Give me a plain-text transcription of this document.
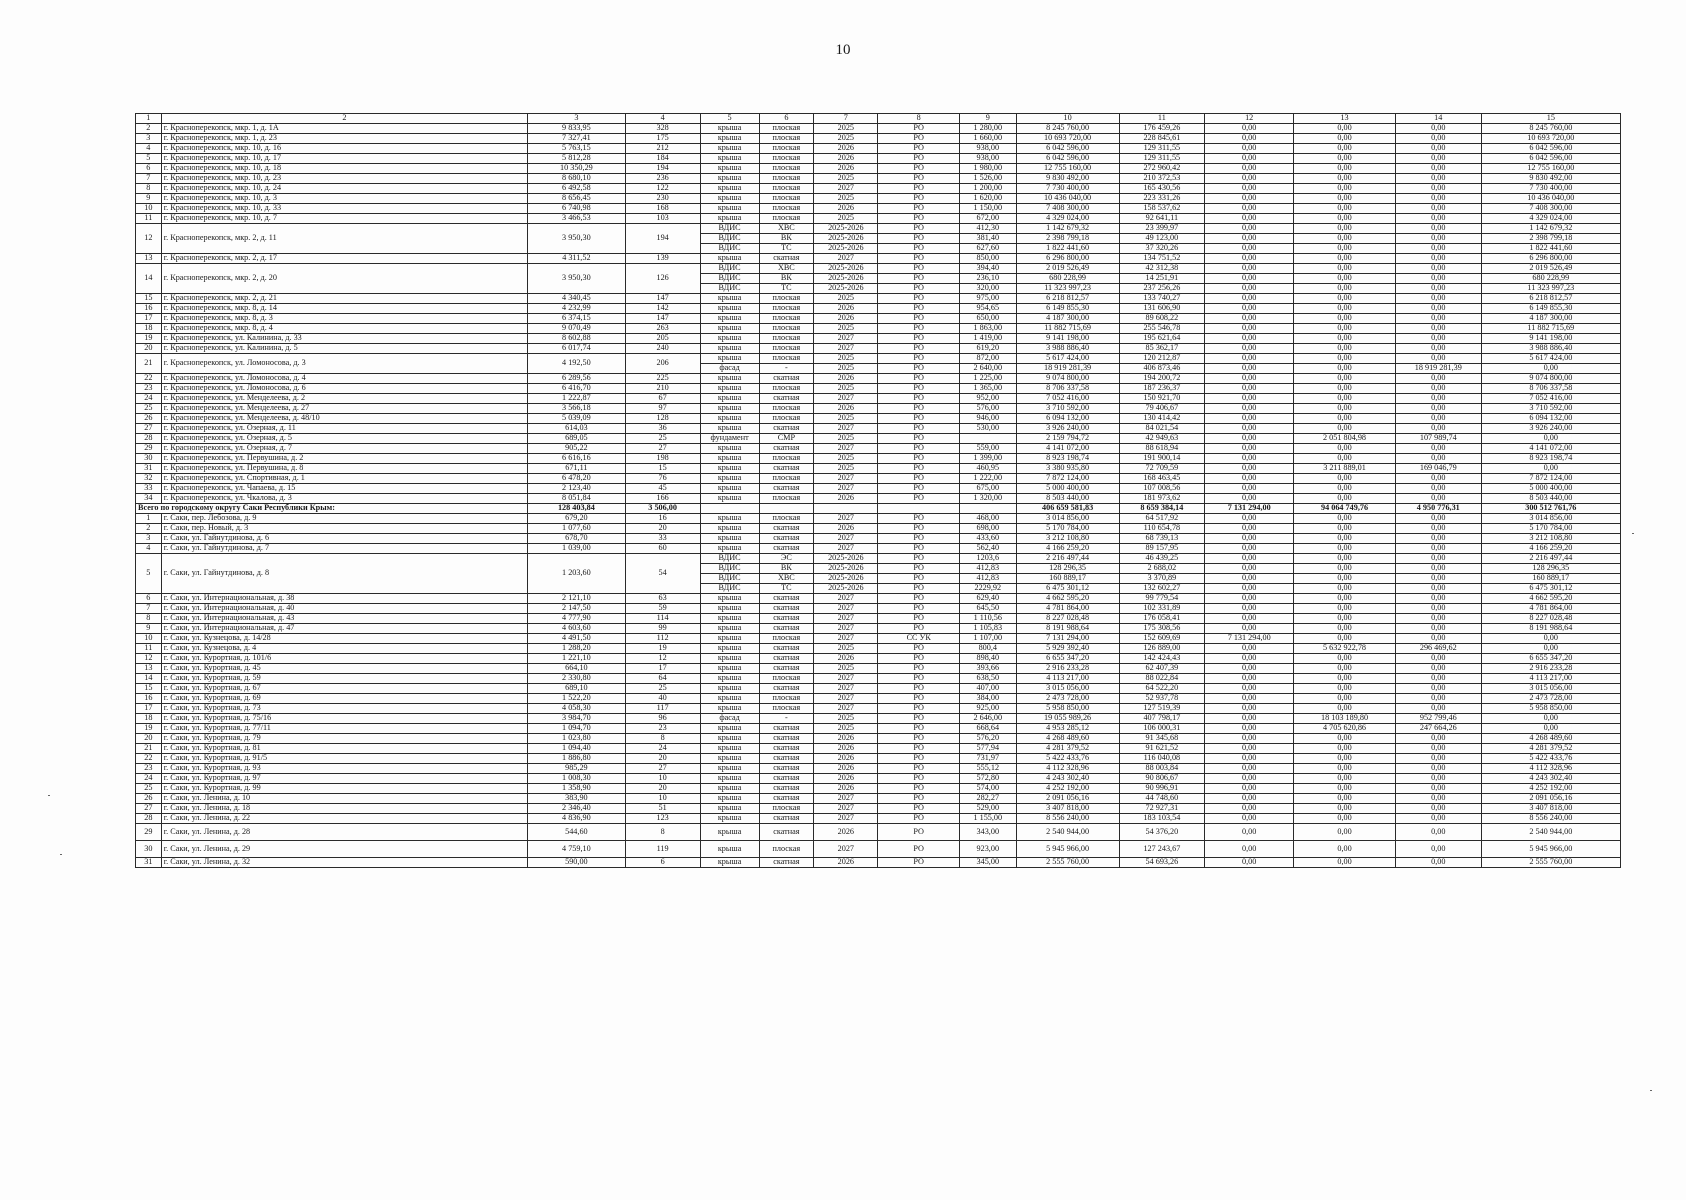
10
1	2	3	4	5	6	7	8	9	10	11	12	13	14	15
2	г. Красноперекопск, мкр. 1, д. 1А	9 833,95	328	крыша	плоская	2025	РО	1 280,00	8 245 760,00	176 459,26	0,00	0,00	0,00	8 245 760,00
3	г. Красноперекопск, мкр. 1, д. 23	7 327,41	175	крыша	плоская	2025	РО	1 660,00	10 693 720,00	228 845,61	0,00	0,00	0,00	10 693 720,00
4	г. Красноперекопск, мкр. 10, д. 16	5 763,15	212	крыша	плоская	2026	РО	938,00	6 042 596,00	129 311,55	0,00	0,00	0,00	6 042 596,00
5	г. Красноперекопск, мкр. 10, д. 17	5 812,28	184	крыша	плоская	2026	РО	938,00	6 042 596,00	129 311,55	0,00	0,00	0,00	6 042 596,00
6	г. Красноперекопск, мкр. 10, д. 18	10 350,29	194	крыша	плоская	2026	РО	1 980,00	12 755 160,00	272 960,42	0,00	0,00	0,00	12 755 160,00
7	г. Красноперекопск, мкр. 10, д. 23	8 680,10	236	крыша	плоская	2025	РО	1 526,00	9 830 492,00	210 372,53	0,00	0,00	0,00	9 830 492,00
8	г. Красноперекопск, мкр. 10, д. 24	6 492,58	122	крыша	плоская	2027	РО	1 200,00	7 730 400,00	165 430,56	0,00	0,00	0,00	7 730 400,00
9	г. Красноперекопск, мкр. 10, д. 3	8 656,45	230	крыша	плоская	2025	РО	1 620,00	10 436 040,00	223 331,26	0,00	0,00	0,00	10 436 040,00
10	г. Красноперекопск, мкр. 10, д. 33	6 740,98	168	крыша	плоская	2026	РО	1 150,00	7 408 300,00	158 537,62	0,00	0,00	0,00	7 408 300,00
11	г. Красноперекопск, мкр. 10, д. 7	3 466,53	103	крыша	плоская	2025	РО	672,00	4 329 024,00	92 641,11	0,00	0,00	0,00	4 329 024,00
12	г. Красноперекопск, мкр. 2, д. 11	3 950,30	194	ВДИС	ХВС	2025-2026	РО	412,30	1 142 679,32	23 399,97	0,00	0,00	0,00	1 142 679,32
				ВДИС	ВК	2025-2026	РО	381,40	2 398 799,18	49 123,00	0,00	0,00	0,00	2 398 799,18
				ВДИС	ТС	2025-2026	РО	627,60	1 822 441,60	37 320,26	0,00	0,00	0,00	1 822 441,60
13	г. Красноперекопск, мкр. 2, д. 17	4 311,52	139	крыша	скатная	2027	РО	850,00	6 296 800,00	134 751,52	0,00	0,00	0,00	6 296 800,00
14	г. Красноперекопск, мкр. 2, д. 20	3 950,30	126	ВДИС	ХВС	2025-2026	РО	394,40	2 019 526,49	42 312,38	0,00	0,00	0,00	2 019 526,49
				ВДИС	ВК	2025-2026	РО	236,10	680 228,99	14 251,91	0,00	0,00	0,00	680 228,99
				ВДИС	ТС	2025-2026	РО	320,00	11 323 997,23	237 256,26	0,00	0,00	0,00	11 323 997,23
15	г. Красноперекопск, мкр. 2, д. 21	4 340,45	147	крыша	плоская	2025	РО	975,00	6 218 812,57	133 740,27	0,00	0,00	0,00	6 218 812,57
16	г. Красноперекопск, мкр. 8, д. 14	4 232,99	142	крыша	плоская	2026	РО	954,65	6 149 855,30	131 606,90	0,00	0,00	0,00	6 149 855,30
17	г. Красноперекопск, мкр. 8, д. 3	6 374,15	147	крыша	плоская	2026	РО	650,00	4 187 300,00	89 608,22	0,00	0,00	0,00	4 187 300,00
18	г. Красноперекопск, мкр. 8, д. 4	9 070,49	263	крыша	плоская	2025	РО	1 863,00	11 882 715,69	255 546,78	0,00	0,00	0,00	11 882 715,69
19	г. Красноперекопск, ул. Калинина, д. 33	8 602,88	205	крыша	плоская	2027	РО	1 419,00	9 141 198,00	195 621,64	0,00	0,00	0,00	9 141 198,00
20	г. Красноперекопск, ул. Калинина, д. 5	6 017,74	240	крыша	плоская	2027	РО	619,20	3 988 886,40	85 362,17	0,00	0,00	0,00	3 988 886,40
21	г. Красноперекопск, ул. Ломоносова, д. 3	4 192,50	206	крыша	плоская	2025	РО	872,00	5 617 424,00	120 212,87	0,00	0,00	0,00	5 617 424,00
				фасад	-	2025	РО	2 640,00	18 919 281,39	406 873,46	0,00	0,00	18 919 281,39	0,00
22	г. Красноперекопск, ул. Ломоносова, д. 4	6 289,56	225	крыша	скатная	2026	РО	1 225,00	9 074 800,00	194 200,72	0,00	0,00	0,00	9 074 800,00
23	г. Красноперекопск, ул. Ломоносова, д. 6	6 416,70	210	крыша	плоская	2025	РО	1 365,00	8 706 337,58	187 236,37	0,00	0,00	0,00	8 706 337,58
24	г. Красноперекопск, ул. Менделеева, д. 2	1 222,87	67	крыша	скатная	2027	РО	952,00	7 052 416,00	150 921,70	0,00	0,00	0,00	7 052 416,00
25	г. Красноперекопск, ул. Менделеева, д. 27	3 566,18	97	крыша	плоская	2026	РО	576,00	3 710 592,00	79 406,67	0,00	0,00	0,00	3 710 592,00
26	г. Красноперекопск, ул. Менделеева, д. 48/10	5 039,09	128	крыша	плоская	2025	РО	946,00	6 094 132,00	130 414,42	0,00	0,00	0,00	6 094 132,00
27	г. Красноперекопск, ул. Озерная, д. 11	614,03	36	крыша	скатная	2027	РО	530,00	3 926 240,00	84 021,54	0,00	0,00	0,00	3 926 240,00
28	г. Красноперекопск, ул. Озерная, д. 5	689,05	25	фундамент	СМР	2025	РО		2 159 794,72	42 949,63	0,00	2 051 804,98	107 989,74	0,00
29	г. Красноперекопск, ул. Озерная, д. 7	905,22	27	крыша	скатная	2027	РО	559,00	4 141 072,00	88 618,94	0,00	0,00	0,00	4 141 072,00
30	г. Красноперекопск, ул. Первушина, д. 2	6 616,16	198	крыша	плоская	2025	РО	1 399,00	8 923 198,74	191 900,14	0,00	0,00	0,00	8 923 198,74
31	г. Красноперекопск, ул. Первушина, д. 8	671,11	15	крыша	скатная	2025	РО	460,95	3 380 935,80	72 709,59	0,00	3 211 889,01	169 046,79	0,00
32	г. Красноперекопск, ул. Спортивная, д. 1	6 478,20	76	крыша	плоская	2027	РО	1 222,00	7 872 124,00	168 463,45	0,00	0,00	0,00	7 872 124,00
33	г. Красноперекопск, ул. Чапаева, д. 15	2 123,40	45	крыша	скатная	2027	РО	675,00	5 000 400,00	107 008,56	0,00	0,00	0,00	5 000 400,00
34	г. Красноперекопск, ул. Чкалова, д. 3	8 051,84	166	крыша	плоская	2026	РО	1 320,00	8 503 440,00	181 973,62	0,00	0,00	0,00	8 503 440,00
Всего по городскому округу Саки Республики Крым:		128 403,84	3 506,00						406 659 581,83	8 659 384,14	7 131 294,00	94 064 749,76	4 950 776,31	300 512 761,76
1	г. Саки, пер. Лебозова, д. 9	679,20	16	крыша	плоская	2027	РО	468,00	3 014 856,00	64 517,92	0,00	0,00	0,00	3 014 856,00
2	г. Саки, пер. Новый, д. 3	1 077,60	20	крыша	скатная	2026	РО	698,00	5 170 784,00	110 654,78	0,00	0,00	0,00	5 170 784,00
3	г. Саки, ул. Гайнутдинова, д. 6	678,70	33	крыша	скатная	2027	РО	433,60	3 212 108,80	68 739,13	0,00	0,00	0,00	3 212 108,80
4	г. Саки, ул. Гайнутдинова, д. 7	1 039,00	60	крыша	скатная	2027	РО	562,40	4 166 259,20	89 157,95	0,00	0,00	0,00	4 166 259,20
5	г. Саки, ул. Гайнутдинова, д. 8	1 203,60	54	ВДИС	ЭС	2025-2026	РО	1203,6	2 216 497,44	46 439,25	0,00	0,00	0,00	2 216 497,44
				ВДИС	ВК	2025-2026	РО	412,83	128 296,35	2 688,02	0,00	0,00	0,00	128 296,35
				ВДИС	ХВС	2025-2026	РО	412,83	160 889,17	3 370,89	0,00	0,00	0,00	160 889,17
				ВДИС	ТС	2025-2026	РО	2229,92	6 475 301,12	132 602,27	0,00	0,00	0,00	6 475 301,12
6	г. Саки, ул. Интернациональная, д. 38	2 121,10	63	крыша	скатная	2027	РО	629,40	4 662 595,20	99 779,54	0,00	0,00	0,00	4 662 595,20
7	г. Саки, ул. Интернациональная, д. 40	2 147,50	59	крыша	скатная	2027	РО	645,50	4 781 864,00	102 331,89	0,00	0,00	0,00	4 781 864,00
8	г. Саки, ул. Интернациональная, д. 43	4 777,90	114	крыша	скатная	2027	РО	1 110,56	8 227 028,48	176 058,41	0,00	0,00	0,00	8 227 028,48
9	г. Саки, ул. Интернациональная, д. 47	4 603,60	99	крыша	скатная	2027	РО	1 105,83	8 191 988,64	175 308,56	0,00	0,00	0,00	8 191 988,64
10	г. Саки, ул. Кузнецова, д. 14/28	4 491,50	112	крыша	плоская	2027	СС УК	1 107,00	7 131 294,00	152 609,69	7 131 294,00	0,00	0,00	0,00
11	г. Саки, ул. Кузнецова, д. 4	1 288,20	19	крыша	скатная	2025	РО	800,4	5 929 392,40	126 889,00	0,00	5 632 922,78	296 469,62	0,00
12	г. Саки, ул. Курортная, д. 101/6	1 221,10	12	крыша	скатная	2026	РО	898,40	6 655 347,20	142 424,43	0,00	0,00	0,00	6 655 347,20
13	г. Саки, ул. Курортная, д. 45	664,10	17	крыша	скатная	2025	РО	393,66	2 916 233,28	62 407,39	0,00	0,00	0,00	2 916 233,28
14	г. Саки, ул. Курортная, д. 59	2 330,80	64	крыша	плоская	2027	РО	638,50	4 113 217,00	88 022,84	0,00	0,00	0,00	4 113 217,00
15	г. Саки, ул. Курортная, д. 67	689,10	25	крыша	скатная	2027	РО	407,00	3 015 056,00	64 522,20	0,00	0,00	0,00	3 015 056,00
16	г. Саки, ул. Курортная, д. 69	1 522,20	40	крыша	плоская	2027	РО	384,00	2 473 728,00	52 937,78	0,00	0,00	0,00	2 473 728,00
17	г. Саки, ул. Курортная, д. 73	4 058,30	117	крыша	плоская	2027	РО	925,00	5 958 850,00	127 519,39	0,00	0,00	0,00	5 958 850,00
18	г. Саки, ул. Курортная, д. 75/16	3 984,70	96	фасад	-	2025	РО	2 646,00	19 055 989,26	407 798,17	0,00	18 103 189,80	952 799,46	0,00
19	г. Саки, ул. Курортная, д. 77/11	1 094,70	23	крыша	скатная	2025	РО	668,64	4 953 285,12	106 000,31	0,00	4 705 620,86	247 664,26	0,00
20	г. Саки, ул. Курортная, д. 79	1 023,80	8	крыша	скатная	2026	РО	576,20	4 268 489,60	91 345,68	0,00	0,00	0,00	4 268 489,60
21	г. Саки, ул. Курортная, д. 81	1 094,40	24	крыша	скатная	2026	РО	577,94	4 281 379,52	91 621,52	0,00	0,00	0,00	4 281 379,52
22	г. Саки, ул. Курортная, д. 91/5	1 886,80	20	крыша	скатная	2026	РО	731,97	5 422 433,76	116 040,08	0,00	0,00	0,00	5 422 433,76
23	г. Саки, ул. Курортная, д. 93	985,29	27	крыша	скатная	2026	РО	555,12	4 112 328,96	88 003,84	0,00	0,00	0,00	4 112 328,96
24	г. Саки, ул. Курортная, д. 97	1 008,30	10	крыша	скатная	2026	РО	572,80	4 243 302,40	90 806,67	0,00	0,00	0,00	4 243 302,40
25	г. Саки, ул. Курортная, д. 99	1 358,90	20	крыша	скатная	2026	РО	574,00	4 252 192,00	90 996,91	0,00	0,00	0,00	4 252 192,00
26	г. Саки, ул. Ленина, д. 10	383,90	10	крыша	скатная	2027	РО	282,27	2 091 056,16	44 748,60	0,00	0,00	0,00	2 091 056,16
27	г. Саки, ул. Ленина, д. 18	2 346,40	51	крыша	плоская	2027	РО	529,00	3 407 818,00	72 927,31	0,00	0,00	0,00	3 407 818,00
28	г. Саки, ул. Ленина, д. 22	4 836,90	123	крыша	скатная	2027	РО	1 155,00	8 556 240,00	183 103,54	0,00	0,00	0,00	8 556 240,00
29	г. Саки, ул. Ленина, д. 28	544,60	8	крыша	скатная	2026	РО	343,00	2 540 944,00	54 376,20	0,00	0,00	0,00	2 540 944,00
30	г. Саки, ул. Ленина, д. 29	4 759,10	119	крыша	плоская	2027	РО	923,00	5 945 966,00	127 243,67	0,00	0,00	0,00	5 945 966,00
31	г. Саки, ул. Ленина, д. 32	590,00	6	крыша	скатная	2026	РО	345,00	2 555 760,00	54 693,26	0,00	0,00	0,00	2 555 760,00
